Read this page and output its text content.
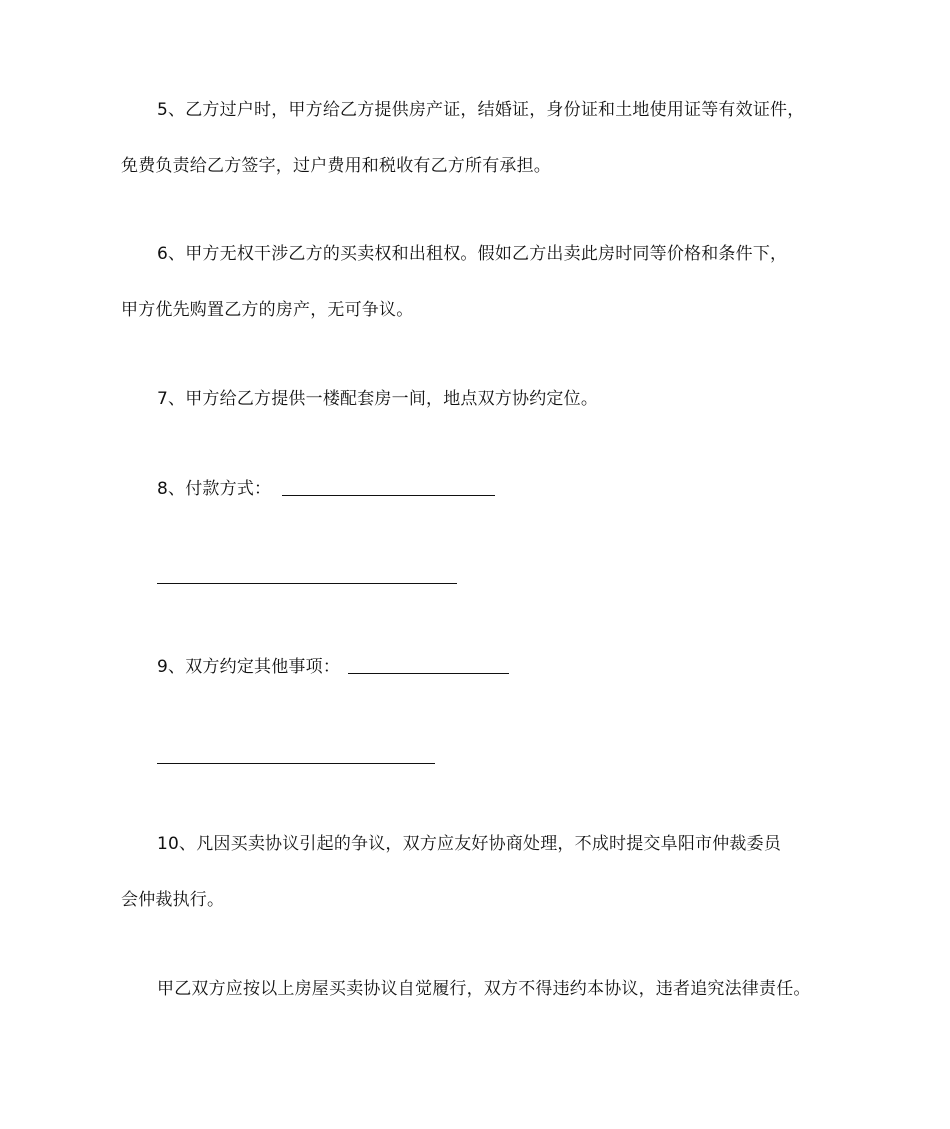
5、乙方过户时，甲方给乙方提供房产证，结婚证，身份证和土地使用证等有效证件，
免费负责给乙方签字，过户费用和税收有乙方所有承担。
6、甲方无权干涉乙方的买卖权和出租权。假如乙方出卖此房时同等价格和条件下，
甲方优先购置乙方的房产，无可争议。
7、甲方给乙方提供一楼配套房一间，地点双方协约定位。
8、付款方式：
9、双方约定其他事项：
10、凡因买卖协议引起的争议，双方应友好协商处理，不成时提交阜阳市仲裁委员
会仲裁执行。
甲乙双方应按以上房屋买卖协议自觉履行，双方不得违约本协议，违者追究法律责任。
